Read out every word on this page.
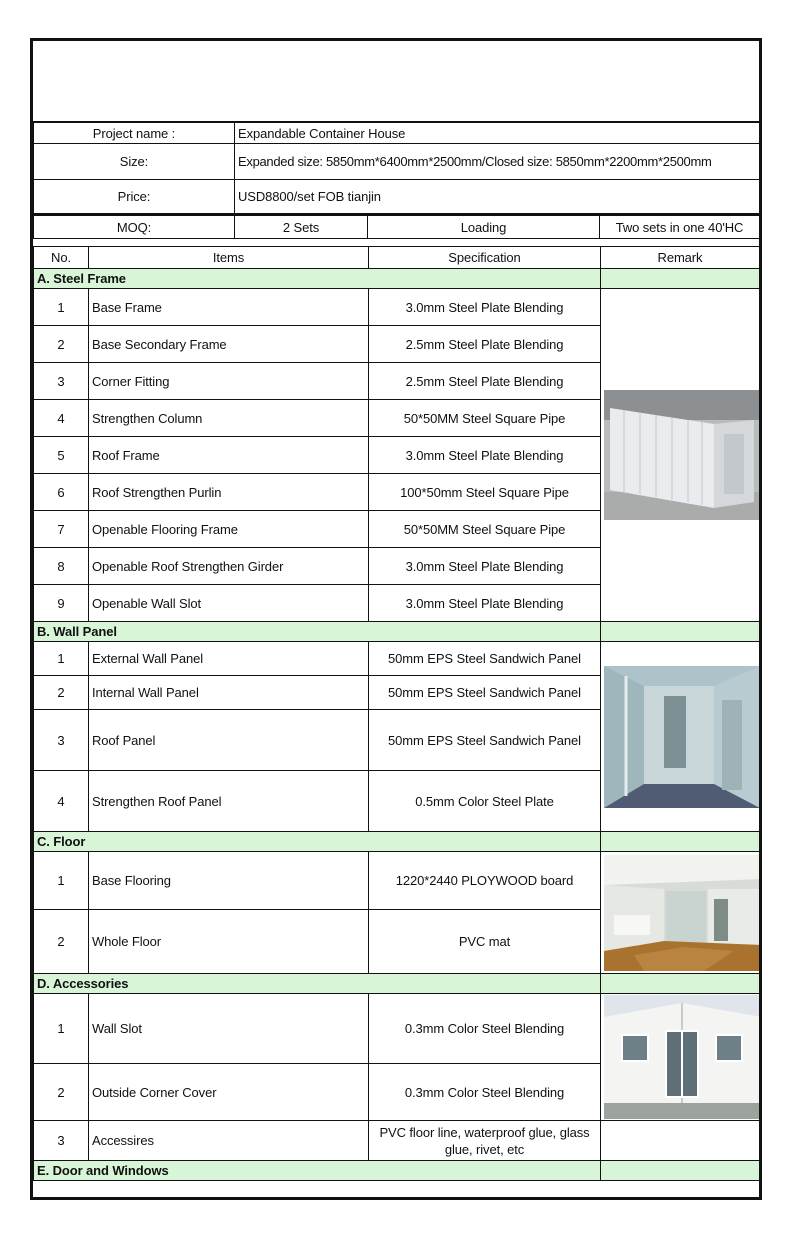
Project name :	Expandable Container House		
Size:	Expanded size: 5850mm*6400mm*2500mm/Closed size: 5850mm*2200mm*2500mm		
Price:	USD8800/set FOB tianjin		
MOQ:	2 Sets	Loading	Two sets in one 40'HC
No.	Items	Specification	Remark
A. Steel Frame			
1	Base Frame	3.0mm Steel Plate Blending	

2	Base Secondary Frame	2.5mm Steel Plate Blending	
3	Corner Fitting	2.5mm Steel Plate Blending	
4	Strengthen Column	50*50MM Steel Square Pipe	
5	Roof Frame	3.0mm Steel Plate Blending	
6	Roof Strengthen Purlin	100*50mm Steel Square Pipe	
7	Openable Flooring Frame	50*50MM Steel Square Pipe	
8	Openable Roof Strengthen Girder	3.0mm Steel Plate Blending	
9	Openable Wall Slot	3.0mm Steel Plate Blending	
B. Wall Panel			
1	External Wall Panel	50mm EPS Steel Sandwich Panel	

2	Internal Wall Panel	50mm EPS Steel Sandwich Panel	
3	Roof Panel	50mm EPS Steel Sandwich Panel	
4	Strengthen Roof Panel	0.5mm Color Steel Plate	
C. Floor			
1	Base Flooring	1220*2440 PLOYWOOD board	

2	Whole Floor	PVC mat	
D. Accessories			
1	Wall Slot	0.3mm Color Steel Blending	

2	Outside Corner Cover	0.3mm Color Steel Blending	
3	Accessires	PVC floor line, waterproof glue, glass glue, rivet, etc	
E. Door and Windows			
